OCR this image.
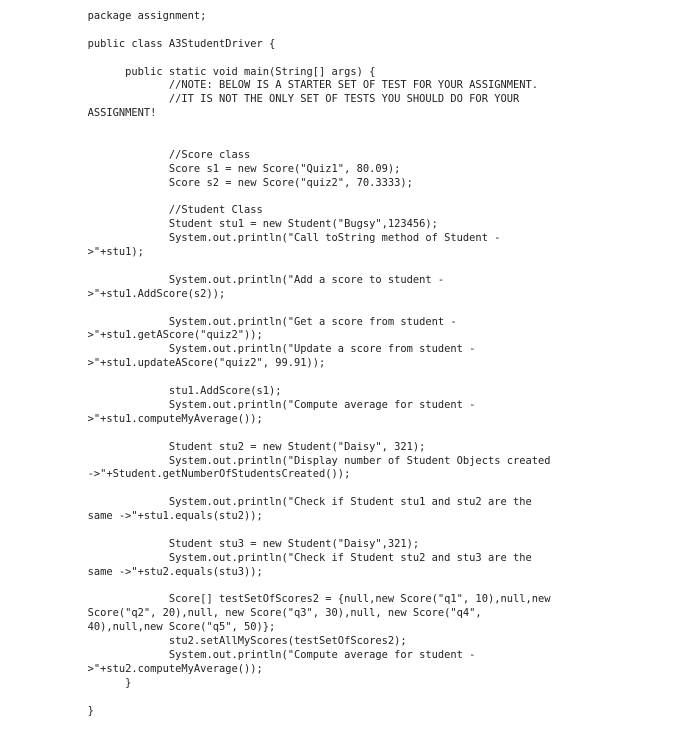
package assignment;
public class A3StudentDriver {
public static void main(String[] args) {
//NOTE: BELOW IS A STARTER SET OF TEST FOR YOUR ASSIGNMENT.
//IT IS NOT THE ONLY SET OF TESTS YOU SHOULD DO FOR YOUR
ASSIGNMENT!
//Score class
Score s1 = new Score("Quiz1", 80.09);
Score s2 = new Score("quiz2", 70.3333);
//Student Class
Student stu1 = new Student("Bugsy",123456);
System.out.println("Call toString method of Student -
>"+stu1);
System.out.println("Add a score to student -
>"+stu1.AddScore(s2));
System.out.println("Get a score from student -
>"+stu1.getAScore("quiz2"));
System.out.println("Update a score from student -
>"+stu1.updateAScore("quiz2", 99.91));
stu1.AddScore(s1);
System.out.println("Compute average for student -
>"+stu1.computeMyAverage());
Student stu2 = new Student("Daisy", 321);
System.out.println("Display number of Student Objects created
->"+Student.getNumberOfStudentsCreated());
System.out.println("Check if Student stu1 and stu2 are the
same ->"+stu1.equals(stu2));
Student stu3 = new Student("Daisy",321);
System.out.println("Check if Student stu2 and stu3 are the
same ->"+stu2.equals(stu3));
Score[] testSetOfScores2 = {null,new Score("q1", 10),null,new
Score("q2", 20),null, new Score("q3", 30),null, new Score("q4",
40),null,new Score("q5", 50)};
stu2.setAllMyScores(testSetOfScores2);
System.out.println("Compute average for student -
>"+stu2.computeMyAverage());
}
}
